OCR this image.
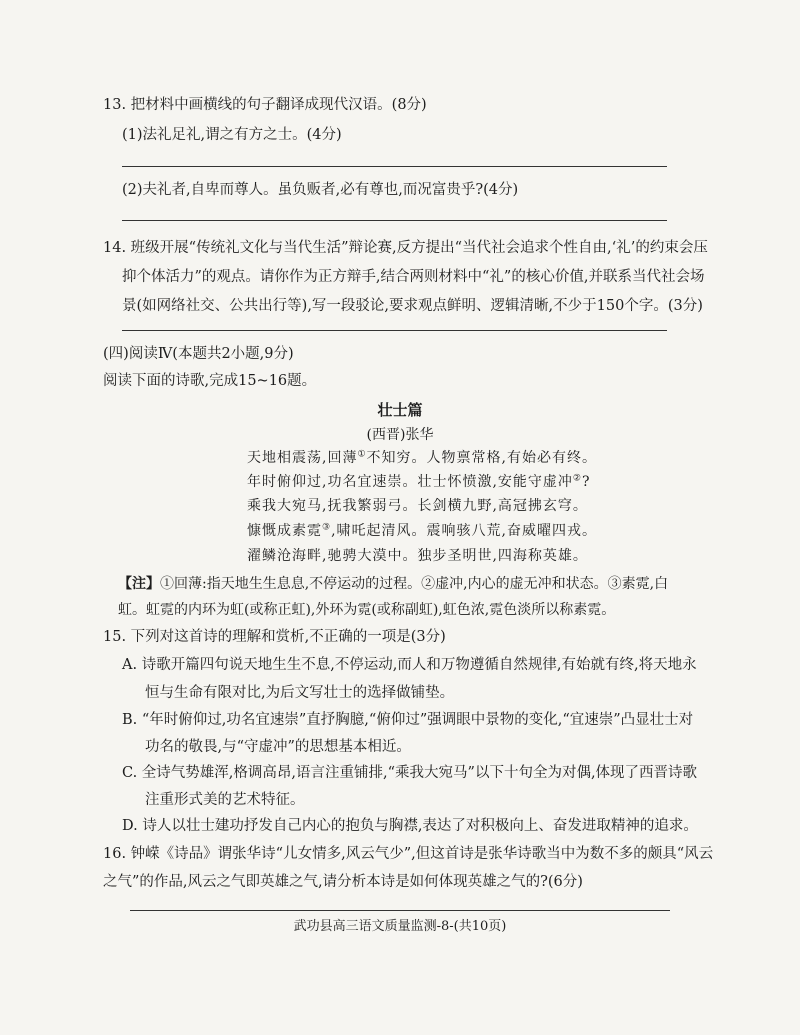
13. 把材料中画横线的句子翻译成现代汉语。(8分)
(1)法礼足礼,谓之有方之士。(4分)
(2)夫礼者,自卑而尊人。虽负贩者,必有尊也,而况富贵乎?(4分)
14. 班级开展“传统礼文化与当代生活”辩论赛,反方提出“当代社会追求个性自由,‘礼’的约束会压
抑个体活力”的观点。请你作为正方辩手,结合两则材料中“礼”的核心价值,并联系当代社会场
景(如网络社交、公共出行等),写一段驳论,要求观点鲜明、逻辑清晰,不少于150个字。(3分)
(四)阅读Ⅳ(本题共2小题,9分)
阅读下面的诗歌,完成15~16题。
壮士篇
(西晋)张华
天地相震荡,回薄①不知穷。人物禀常格,有始必有终。
年时俯仰过,功名宜速崇。壮士怀愤激,安能守虚冲②?
乘我大宛马,抚我繁弱弓。长剑横九野,高冠拂玄穹。
慷慨成素霓③,啸吒起清风。震响骇八荒,奋威曜四戎。
濯鳞沧海畔,驰骋大漠中。独步圣明世,四海称英雄。
【注】①回薄:指天地生生息息,不停运动的过程。②虚冲,内心的虚无冲和状态。③素霓,白
虹。虹霓的内环为虹(或称正虹),外环为霓(或称副虹),虹色浓,霓色淡所以称素霓。
15. 下列对这首诗的理解和赏析,不正确的一项是(3分)
A. 诗歌开篇四句说天地生生不息,不停运动,而人和万物遵循自然规律,有始就有终,将天地永
恒与生命有限对比,为后文写壮士的选择做铺垫。
B. “年时俯仰过,功名宜速崇”直抒胸臆,“俯仰过”强调眼中景物的变化,“宜速崇”凸显壮士对
功名的敬畏,与“守虚冲”的思想基本相近。
C. 全诗气势雄浑,格调高昂,语言注重铺排,“乘我大宛马”以下十句全为对偶,体现了西晋诗歌
注重形式美的艺术特征。
D. 诗人以壮士建功抒发自己内心的抱负与胸襟,表达了对积极向上、奋发进取精神的追求。
16. 钟嵘《诗品》谓张华诗“儿女情多,风云气少”,但这首诗是张华诗歌当中为数不多的颇具“风云
之气”的作品,风云之气即英雄之气,请分析本诗是如何体现英雄之气的?(6分)
武功县高三语文质量监测-8-(共10页)
